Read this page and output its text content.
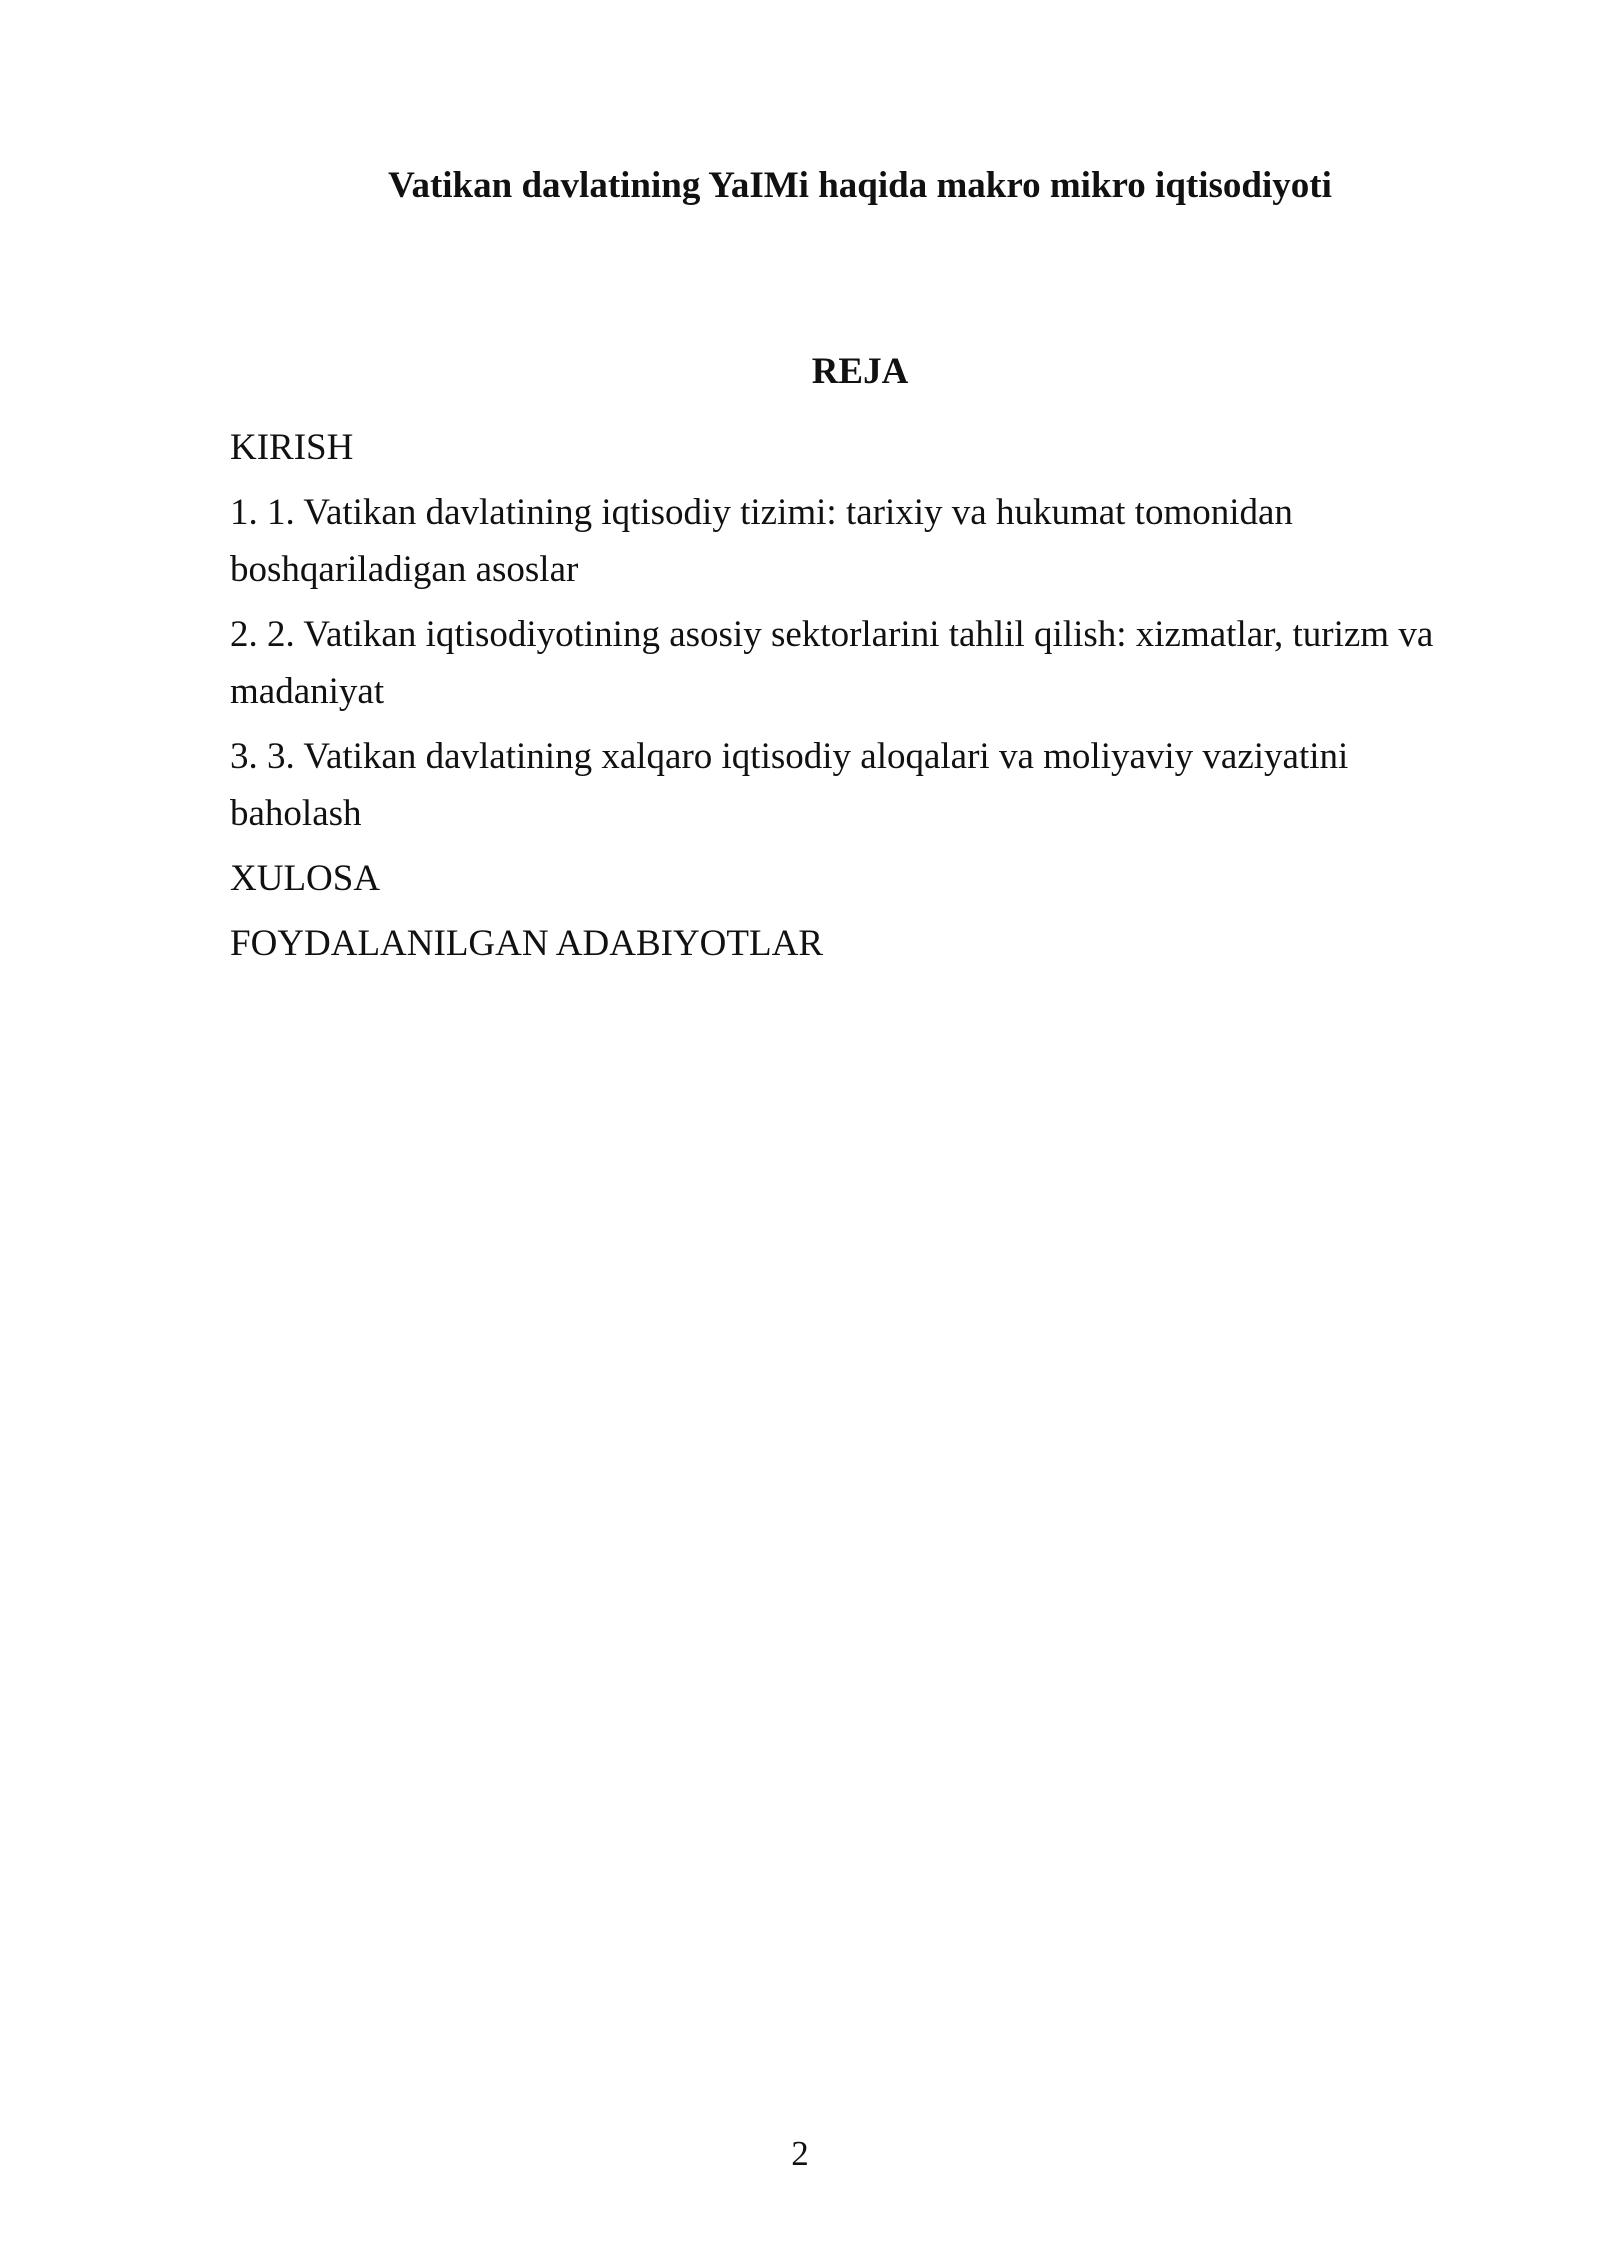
Vatikan davlatining YaIMi haqida makro mikro iqtisodiyoti
REJA
KIRISH
1. 1. Vatikan davlatining iqtisodiy tizimi: tarixiy va hukumat tomonidan boshqariladigan asoslar
2. 2. Vatikan iqtisodiyotining asosiy sektorlarini tahlil qilish: xizmatlar, turizm va madaniyat
3. 3. Vatikan davlatining xalqaro iqtisodiy aloqalari va moliyaviy vaziyatini baholash
XULOSA
FOYDALANILGAN ADABIYOTLAR
2
